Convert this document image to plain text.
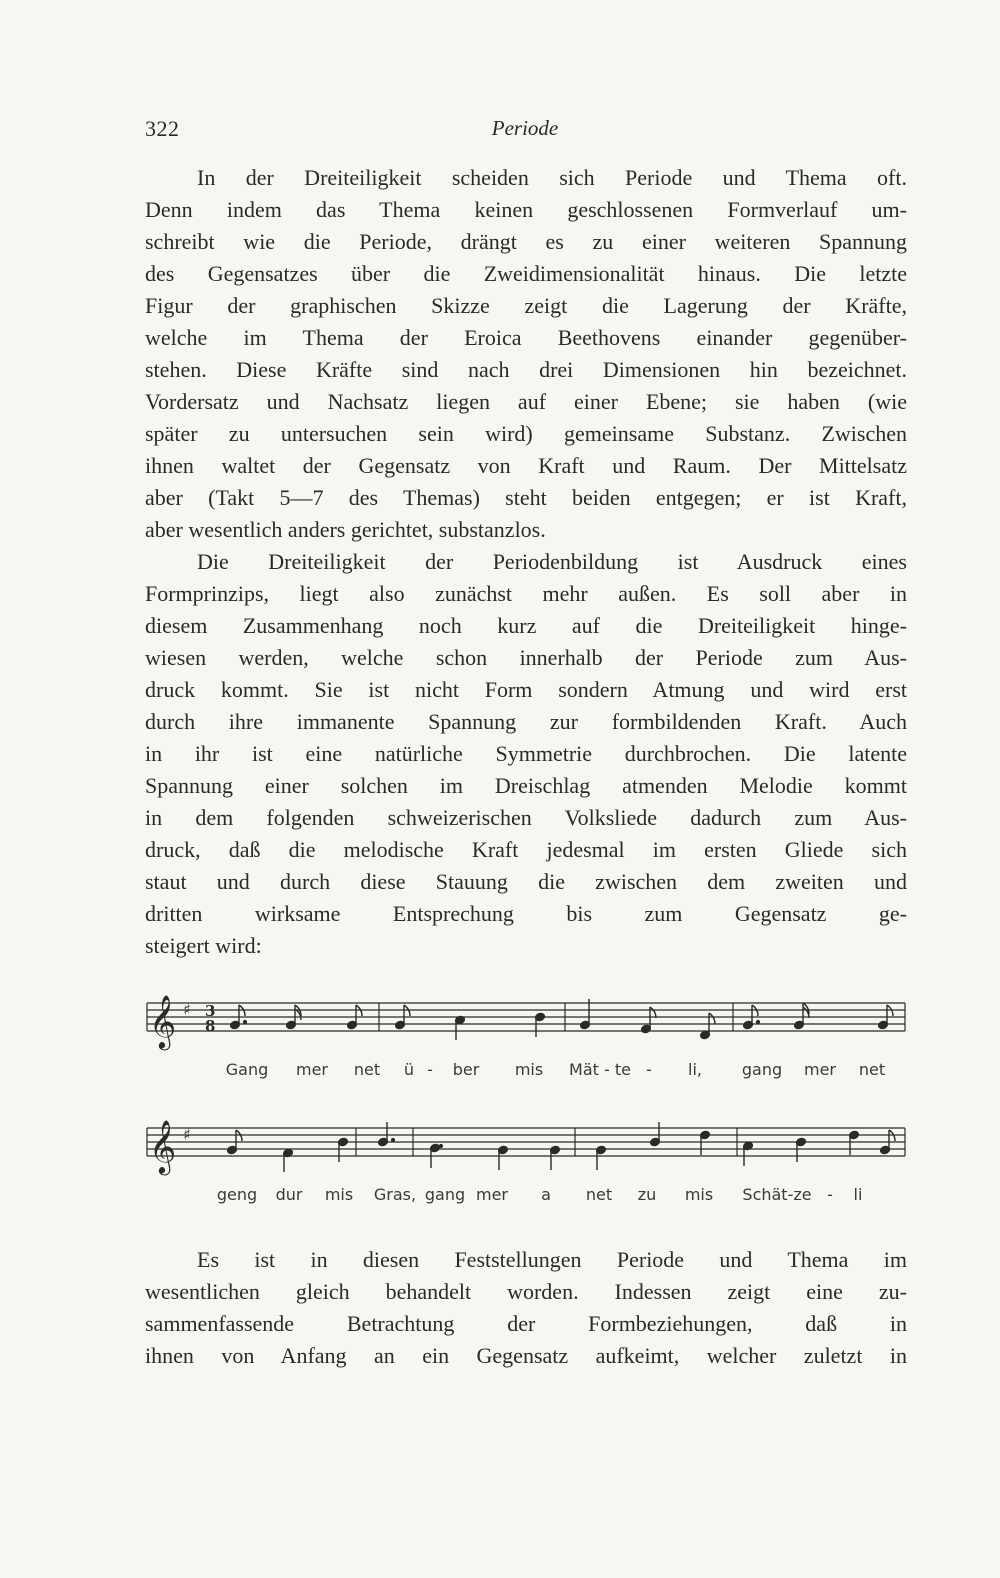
322	Periode
In der Dreiteiligkeit scheiden sich Periode und Thema oft.
Denn indem das Thema keinen geschlossenen Formverlauf um-
schreibt wie die Periode, drängt es zu einer weiteren Spannung
des Gegensatzes über die Zweidimensionalität hinaus. Die letzte
Figur der graphischen Skizze zeigt die Lagerung der Kräfte,
welche im Thema der Eroica Beethovens einander gegenüber-
stehen. Diese Kräfte sind nach drei Dimensionen hin bezeichnet.
Vordersatz und Nachsatz liegen auf einer Ebene; sie haben (wie
später zu untersuchen sein wird) gemeinsame Substanz. Zwischen
ihnen waltet der Gegensatz von Kraft und Raum. Der Mittelsatz
aber (Takt 5—7 des Themas) steht beiden entgegen; er ist Kraft,
aber wesentlich anders gerichtet, substanzlos.
Die Dreiteiligkeit der Periodenbildung ist Ausdruck eines
Formprinzips, liegt also zunächst mehr außen. Es soll aber in
diesem Zusammenhang noch kurz auf die Dreiteiligkeit hinge-
wiesen werden, welche schon innerhalb der Periode zum Aus-
druck kommt. Sie ist nicht Form sondern Atmung und wird erst
durch ihre immanente Spannung zur formbildenden Kraft. Auch
in ihr ist eine natürliche Symmetrie durchbrochen. Die latente
Spannung einer solchen im Dreischlag atmenden Melodie kommt
in dem folgenden schweizerischen Volksliede dadurch zum Aus-
druck, daß die melodische Kraft jedesmal im ersten Gliede sich
staut und durch diese Stauung die zwischen dem zweiten und
dritten wirksame Entsprechung bis zum Gegensatz ge-
steigert wird:
𝄞 ♯ 3
8
Gang mer net ü - ber mis Mät - te - li, gang mer net
𝄞 ♯
geng dur mis Gras, gang mer a net zu mis Schät-ze - li
Es ist in diesen Feststellungen Periode und Thema im
wesentlichen gleich behandelt worden. Indessen zeigt eine zu-
sammenfassende Betrachtung der Formbeziehungen, daß in
ihnen von Anfang an ein Gegensatz aufkeimt, welcher zuletzt in
